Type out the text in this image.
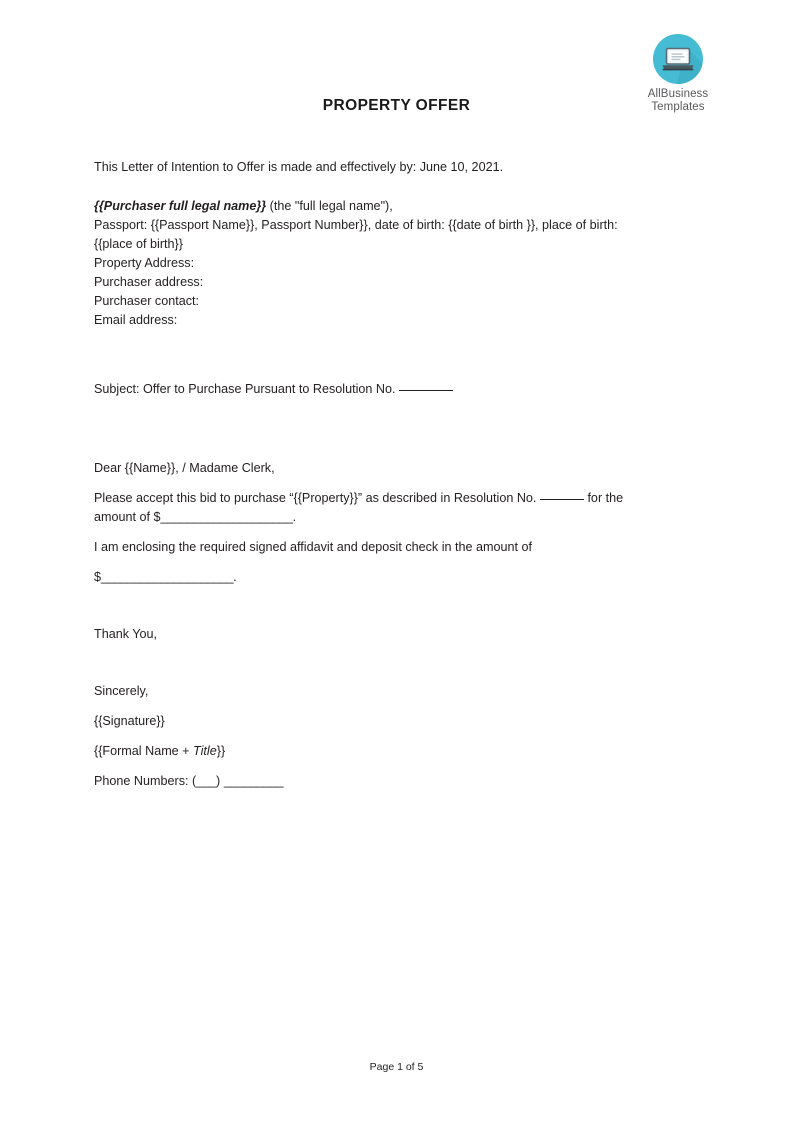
AllBusiness
Templates
PROPERTY OFFER

This Letter of Intention to Offer is made and effectively by: June 10, 2021.

{{Purchaser full legal name}} (the "full legal name"),

Passport: {{Passport Name}}, Passport Number}}, date of birth: {{date of birth }}, place of birth:

{{place of birth}}

Property Address:

Purchaser address:

Purchaser contact:

Email address:

Subject: Offer to Purchase Pursuant to Resolution No.

Dear {{Name}}, / Madame Clerk,

Please accept this bid to purchase “{{Property}}” as described in Resolution No.	for the amount of $____________________.

I am enclosing the required signed affidavit and deposit check in the amount of

$____________________.

Thank You,

Sincerely,

{{Signature}}

{{Formal Name + Title}}

Phone Numbers: (___) _________

Page 1 of 5
